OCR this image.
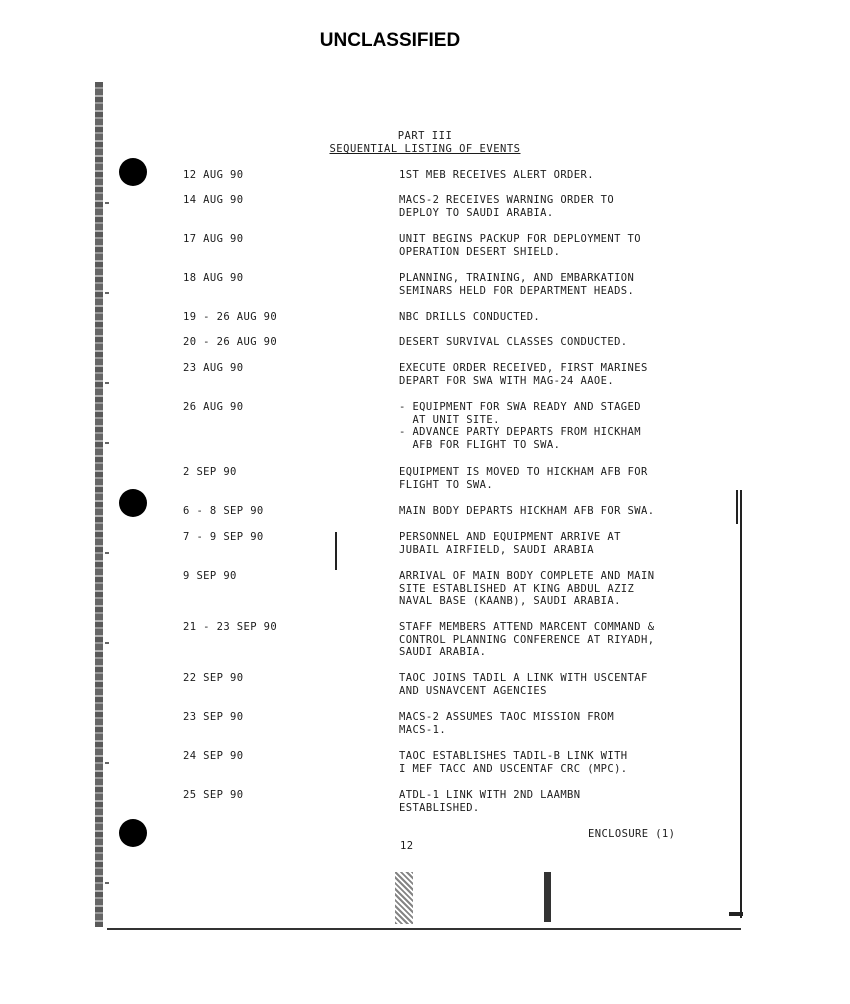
UNCLASSIFIED
PART III
SEQUENTIAL LISTING OF EVENTS
12 AUG 90	1ST MEB RECEIVES ALERT ORDER.
14 AUG 90	MACS-2 RECEIVES WARNING ORDER TO
DEPLOY TO SAUDI ARABIA.
17 AUG 90	UNIT BEGINS PACKUP FOR DEPLOYMENT TO
OPERATION DESERT SHIELD.
18 AUG 90	PLANNING, TRAINING, AND EMBARKATION
SEMINARS HELD FOR DEPARTMENT HEADS.
19 - 26 AUG 90	NBC DRILLS CONDUCTED.
20 - 26 AUG 90	DESERT SURVIVAL CLASSES CONDUCTED.
23 AUG 90	EXECUTE ORDER RECEIVED, FIRST MARINES
DEPART FOR SWA WITH MAG-24 AAOE.
26 AUG 90	- EQUIPMENT FOR SWA READY AND STAGED
AT UNIT SITE.
- ADVANCE PARTY DEPARTS FROM HICKHAM
AFB FOR FLIGHT TO SWA.
2 SEP 90	EQUIPMENT IS MOVED TO HICKHAM AFB FOR
FLIGHT TO SWA.
6 - 8 SEP 90	MAIN BODY DEPARTS HICKHAM AFB FOR SWA.
7 - 9 SEP 90	PERSONNEL AND EQUIPMENT ARRIVE AT
JUBAIL AIRFIELD, SAUDI ARABIA
9 SEP 90	ARRIVAL OF MAIN BODY COMPLETE AND MAIN
SITE ESTABLISHED AT KING ABDUL AZIZ
NAVAL BASE (KAANB), SAUDI ARABIA.
21 - 23 SEP 90	STAFF MEMBERS ATTEND MARCENT COMMAND &
CONTROL PLANNING CONFERENCE AT RIYADH,
SAUDI ARABIA.
22 SEP 90	TAOC JOINS TADIL A LINK WITH USCENTAF
AND USNAVCENT AGENCIES
23 SEP 90	MACS-2 ASSUMES TAOC MISSION FROM
MACS-1.
24 SEP 90	TAOC ESTABLISHES TADIL-B LINK WITH
I MEF TACC AND USCENTAF CRC (MPC).
25 SEP 90	ATDL-1 LINK WITH 2ND LAAMBN
ESTABLISHED.
ENCLOSURE (1)
12
